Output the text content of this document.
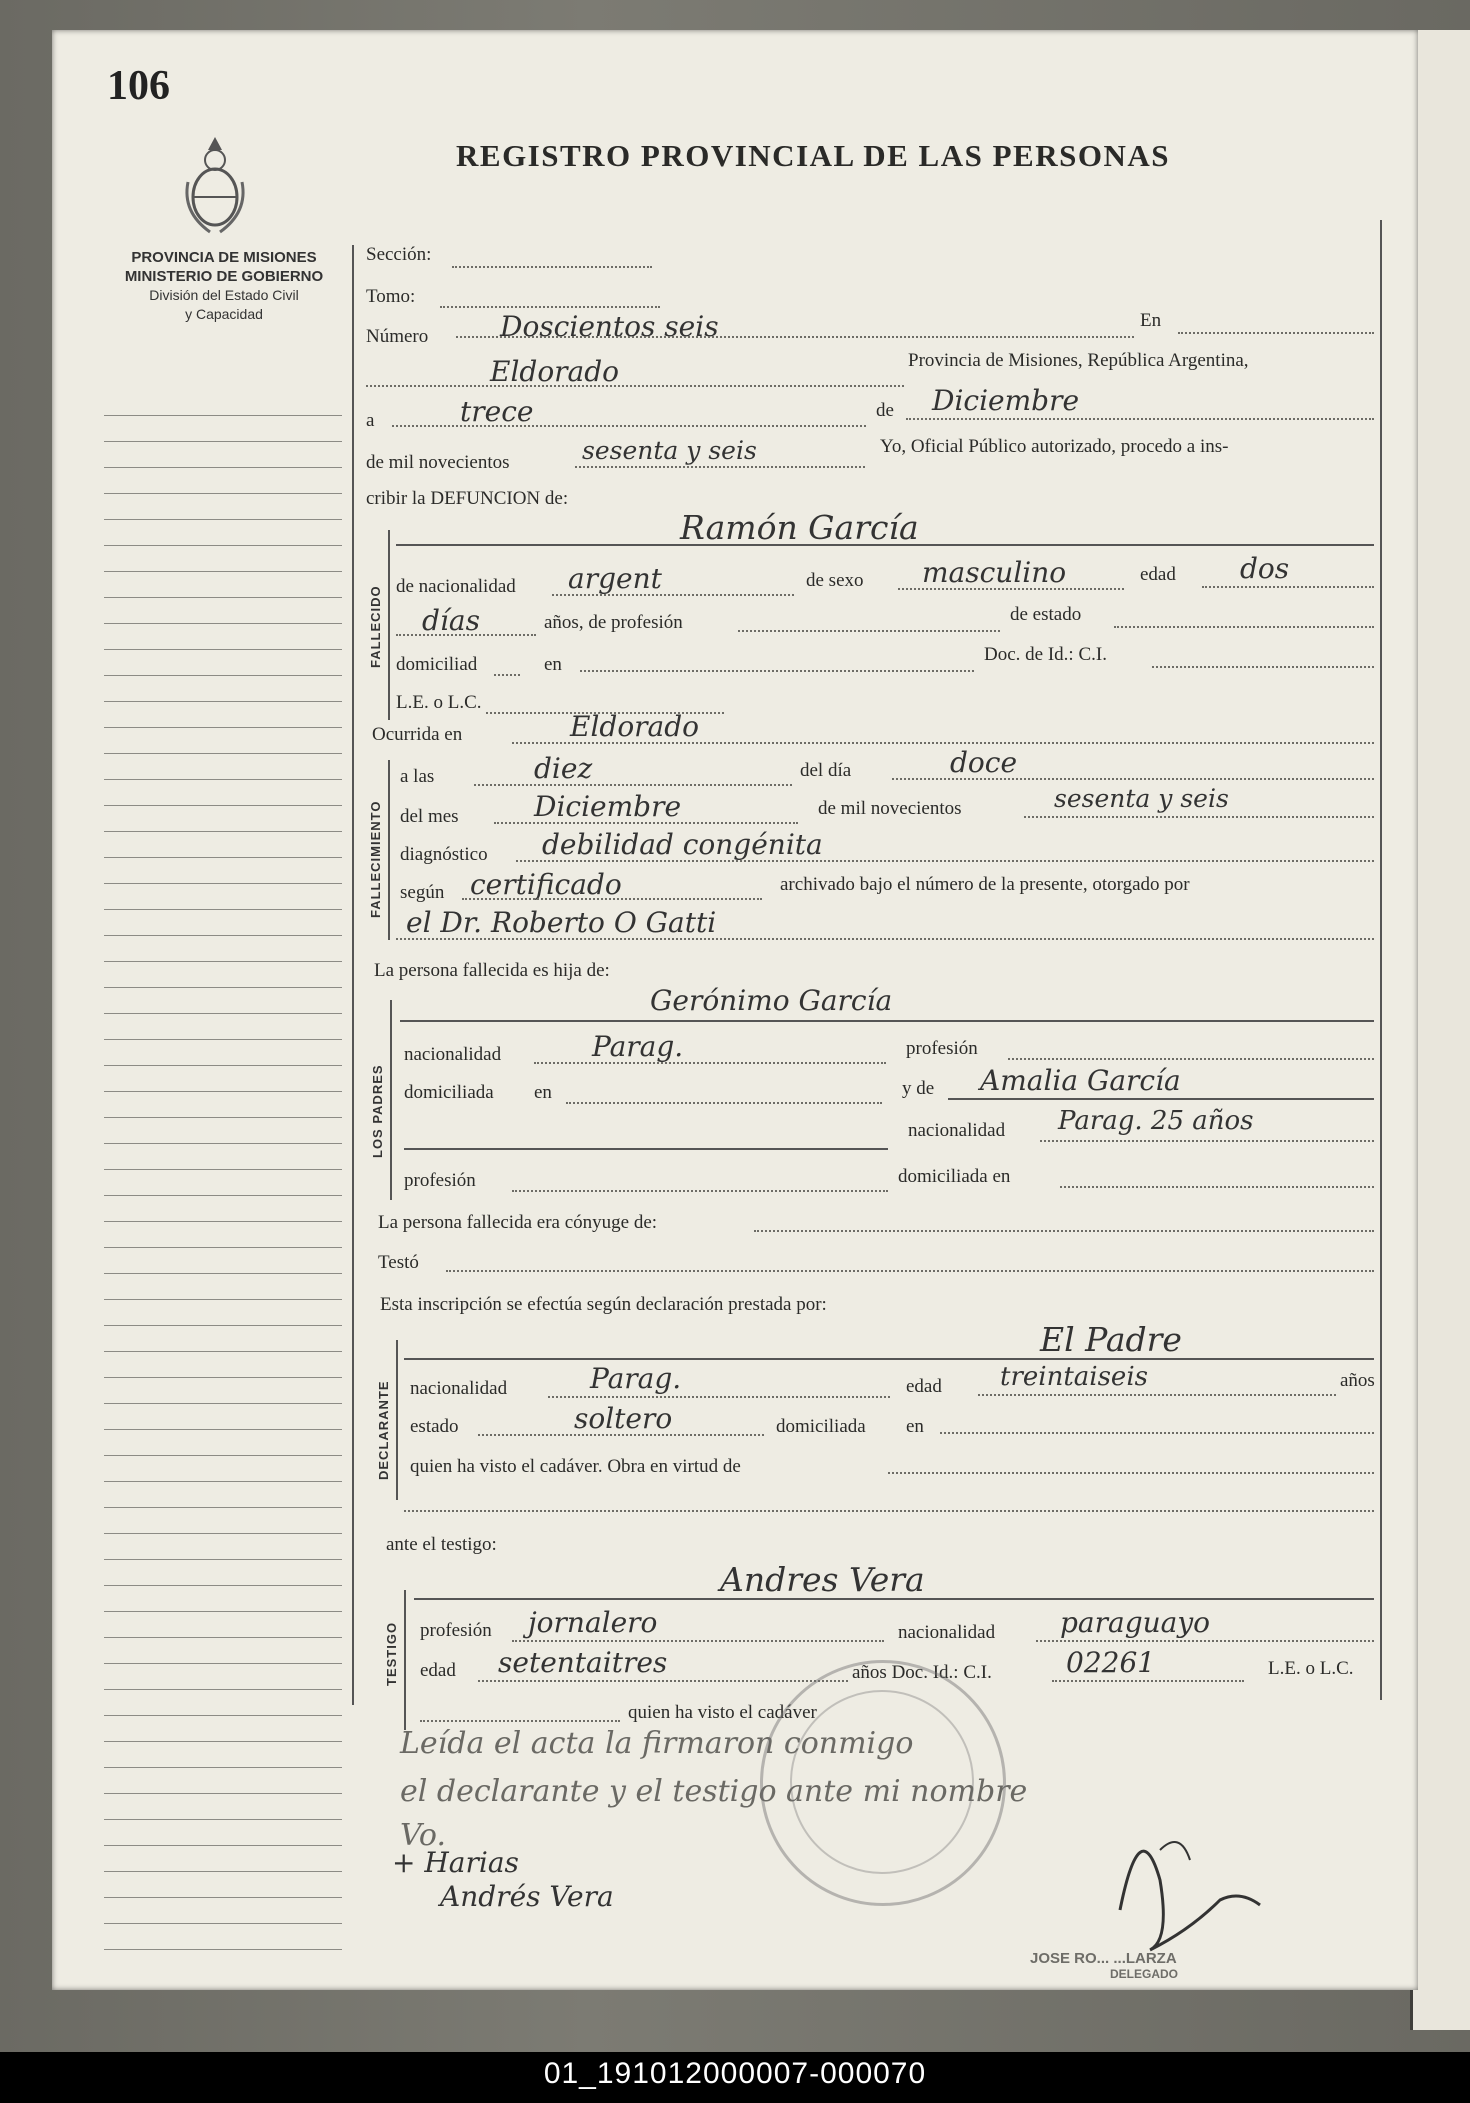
106
REGISTRO PROVINCIAL DE LAS PERSONAS
PROVINCIA DE MISIONES
MINISTERIO DE GOBIERNO
División del Estado Civil
y Capacidad
Sección:
Tomo:
Número	Doscientos seis	En
Eldorado	Provincia de Misiones, República Argentina,
a	trece	de Diciembre
de mil novecientos	sesenta y seis	Yo, Oficial Público autorizado, procedo a ins-
cribir la DEFUNCION de:
FALLECIDO
Ramón García
de nacionalidad argent	de sexo masculino	edad dos
días	años, de profesión	de estado
domiciliad	en	Doc. de Id.: C.I.
L.E. o L.C.
Ocurrida en	Eldorado
FALLECIMIENTO
a las	diez	del día	doce
del mes	Diciembre	de mil novecientos	sesenta y seis
diagnóstico debilidad congénita
según certificado	archivado bajo el número de la presente, otorgado por
el Dr. Roberto O Gatti
La persona fallecida es hija de:
LOS PADRES
Gerónimo García
nacionalidad	Parag.	profesión
domiciliada en	y de Amalia García
nacionalidad Parag. 25 años
profesión	domiciliada en
La persona fallecida era cónyuge de:
Testó
Esta inscripción se efectúa según declaración prestada por:
DECLARANTE
El Padre
nacionalidad	Parag.	edad treintaiseis	años
estado	soltero	domiciliada en
quien ha visto el cadáver. Obra en virtud de
ante el testigo:
TESTIGO
Andres Vera
profesión jornalero	nacionalidad paraguayo
edad setentaitres	años Doc. Id.: C.I.	02261	L.E. o L.C.
quien ha visto el cadáver
Leída el acta la firmaron conmigo
el declarante y el testigo ante mi nombre
Vo.
+ Harias
Andrés Vera
JOSE RO... ...LARZA
DELEGADO
01_191012000007-000070
